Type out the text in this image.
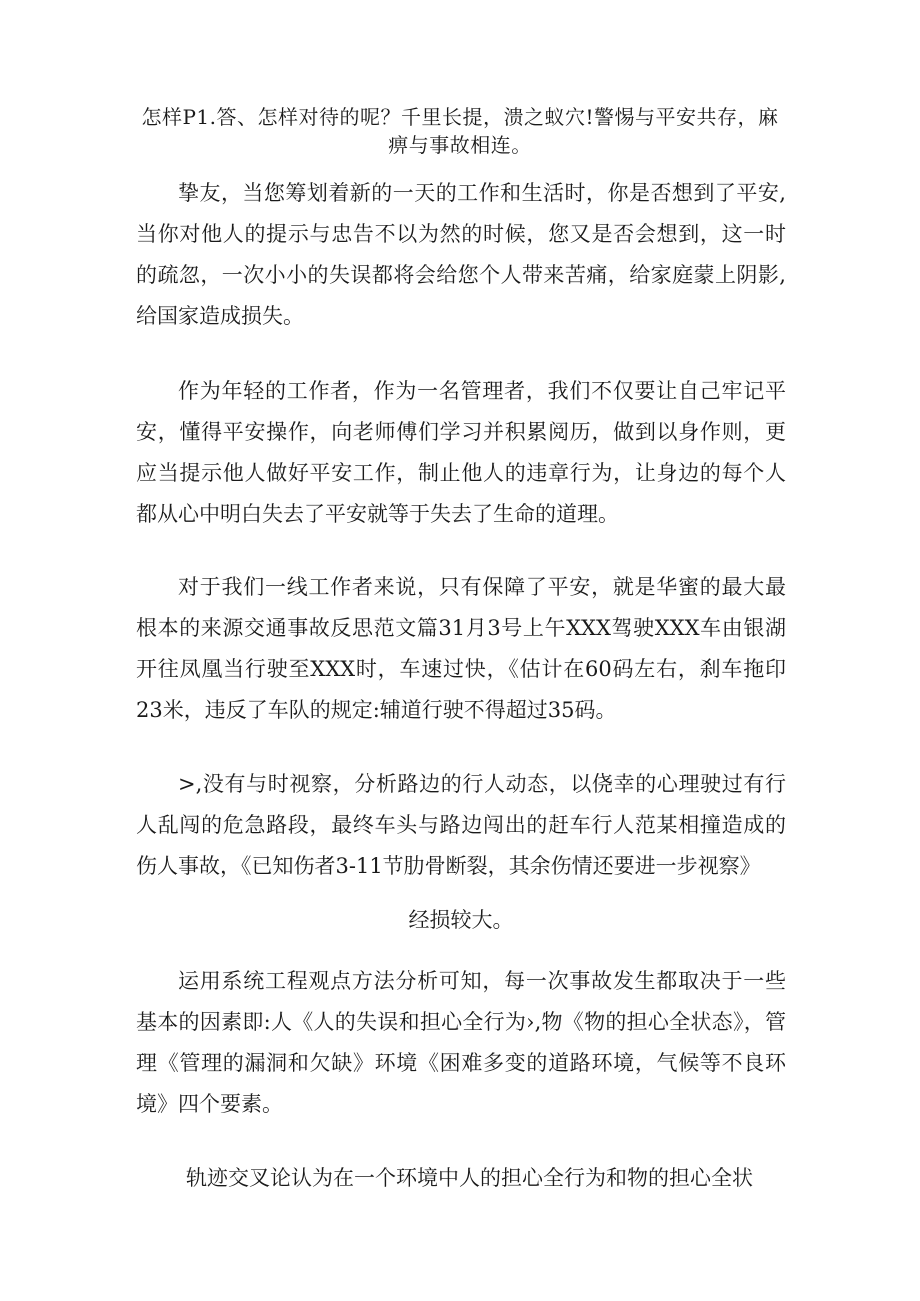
怎样P1.答、怎样对待的呢？千里长提，溃之蚁穴!警惕与平安共存，麻痹与事故相连。

挚友，当您筹划着新的一天的工作和生活时，你是否想到了平安,当你对他人的提示与忠告不以为然的时候，您又是否会想到，这一时的疏忽，一次小小的失误都将会给您个人带来苦痛，给家庭蒙上阴影,给国家造成损失。

作为年轻的工作者，作为一名管理者，我们不仅要让自己牢记平安，懂得平安操作，向老师傅们学习并积累阅历，做到以身作则，更应当提示他人做好平安工作，制止他人的违章行为，让身边的每个人都从心中明白失去了平安就等于失去了生命的道理。

对于我们一线工作者来说，只有保障了平安，就是华蜜的最大最根本的来源交通事故反思范文篇31月3号上午XXX驾驶XXX车由银湖开往凤凰当行驶至XXX时，车速过快，《估计在60码左右，刹车拖印23米，违反了车队的规定:辅道行驶不得超过35码。

>,没有与时视察，分析路边的行人动态，以侥幸的心理驶过有行人乱闯的危急路段，最终车头与路边闯出的赶车行人范某相撞造成的伤人事故，《已知伤者3-11节肋骨断裂，其余伤情还要进一步视察》

经损较大。

运用系统工程观点方法分析可知，每一次事故发生都取决于一些基本的因素即:人《人的失误和担心全行为›,物《物的担心全状态》，管理《管理的漏洞和欠缺》环境《困难多变的道路环境，气候等不良环境》四个要素。

轨迹交叉论认为在一个环境中人的担心全行为和物的担心全状
